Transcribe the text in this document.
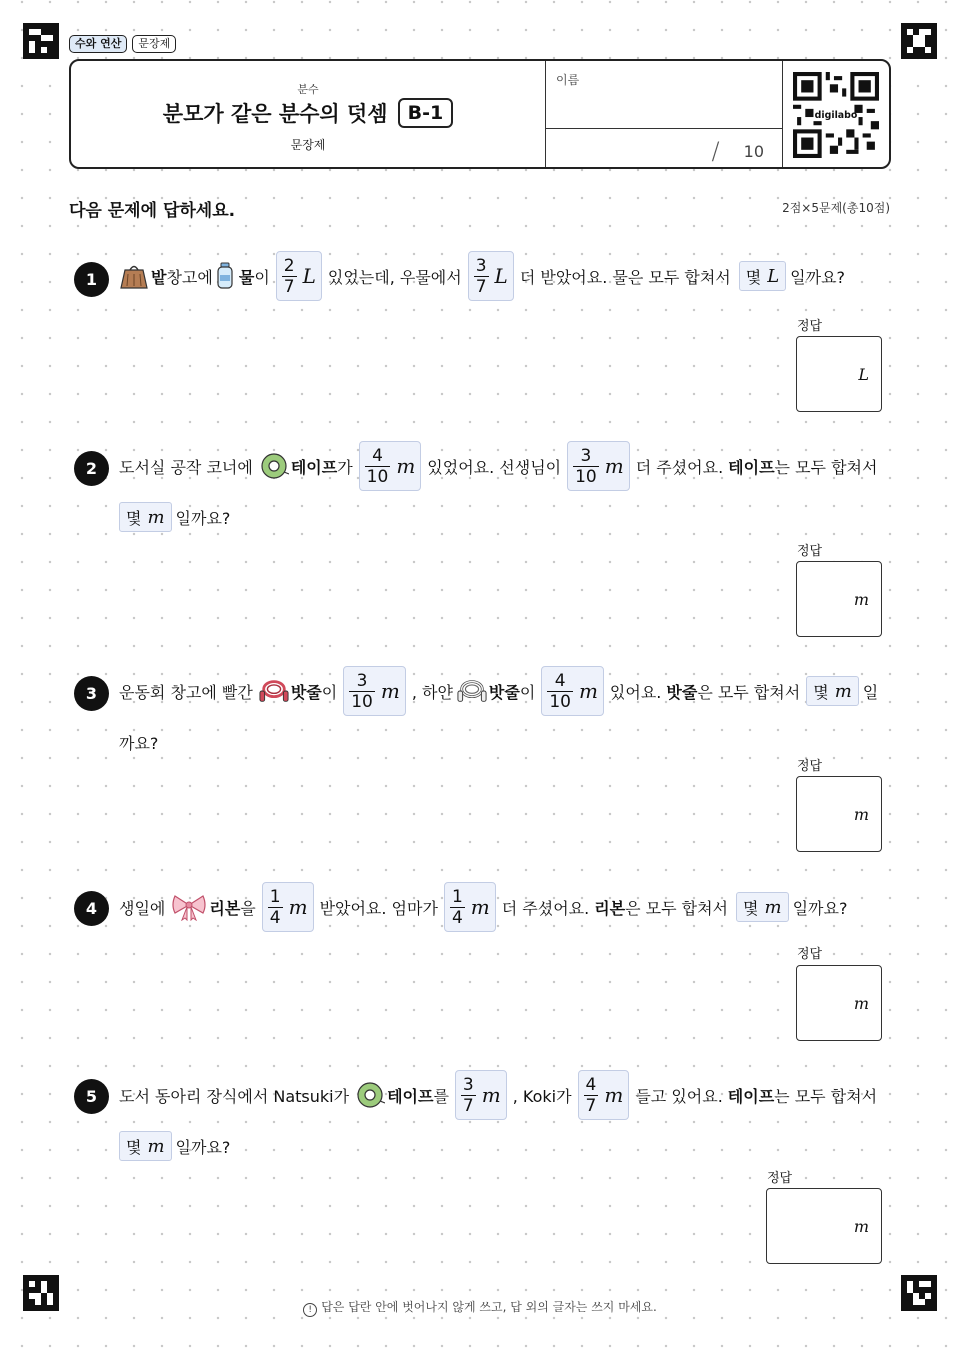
수와 연산	문장제
분수
분모가 같은 분수의 덧셈	B-1
문장제
이름
/ 10
digilabo
다음 문제에 답하세요.	2점×5문제(총10점)
1	밭 창고에 물 이 $\frac{2}{7}$ L 있었는데, 우물에서 $\frac{3}{7}$ L 더 받았어요. 물은 모두 합쳐서 몇 L 일까요?
정답
L
2	도서실 공작 코너에 테이프 가 $\frac{4}{10}$ m 있었어요. 선생님이 $\frac{3}{10}$ m 더 주셨어요. 테이프 는 모두 합쳐서
몇 m 일까요?
정답
m
3	운동회 창고에 빨간 밧줄 이 $\frac{3}{10}$ m , 하얀 밧줄 이 $\frac{4}{10}$ m 있어요. 밧줄 은 모두 합쳐서 몇 m 일
까요?
정답
m
4	생일에	리본 을 $\frac{1}{4}$ m 받았어요. 엄마가 $\frac{1}{4}$ m 더 주셨어요. 리본 은 모두 합쳐서 몇 m 일까요?
정답
m
5	도서 동아리 장식에서 Natsuki가 테이프 를 $\frac{3}{7}$ m , Koki가 $\frac{4}{7}$ m 들고 있어요. 테이프 는 모두 합쳐서
몇 m 일까요?
정답
m
! 답은 답란 안에 벗어나지 않게 쓰고, 답 외의 글자는 쓰지 마세요.
